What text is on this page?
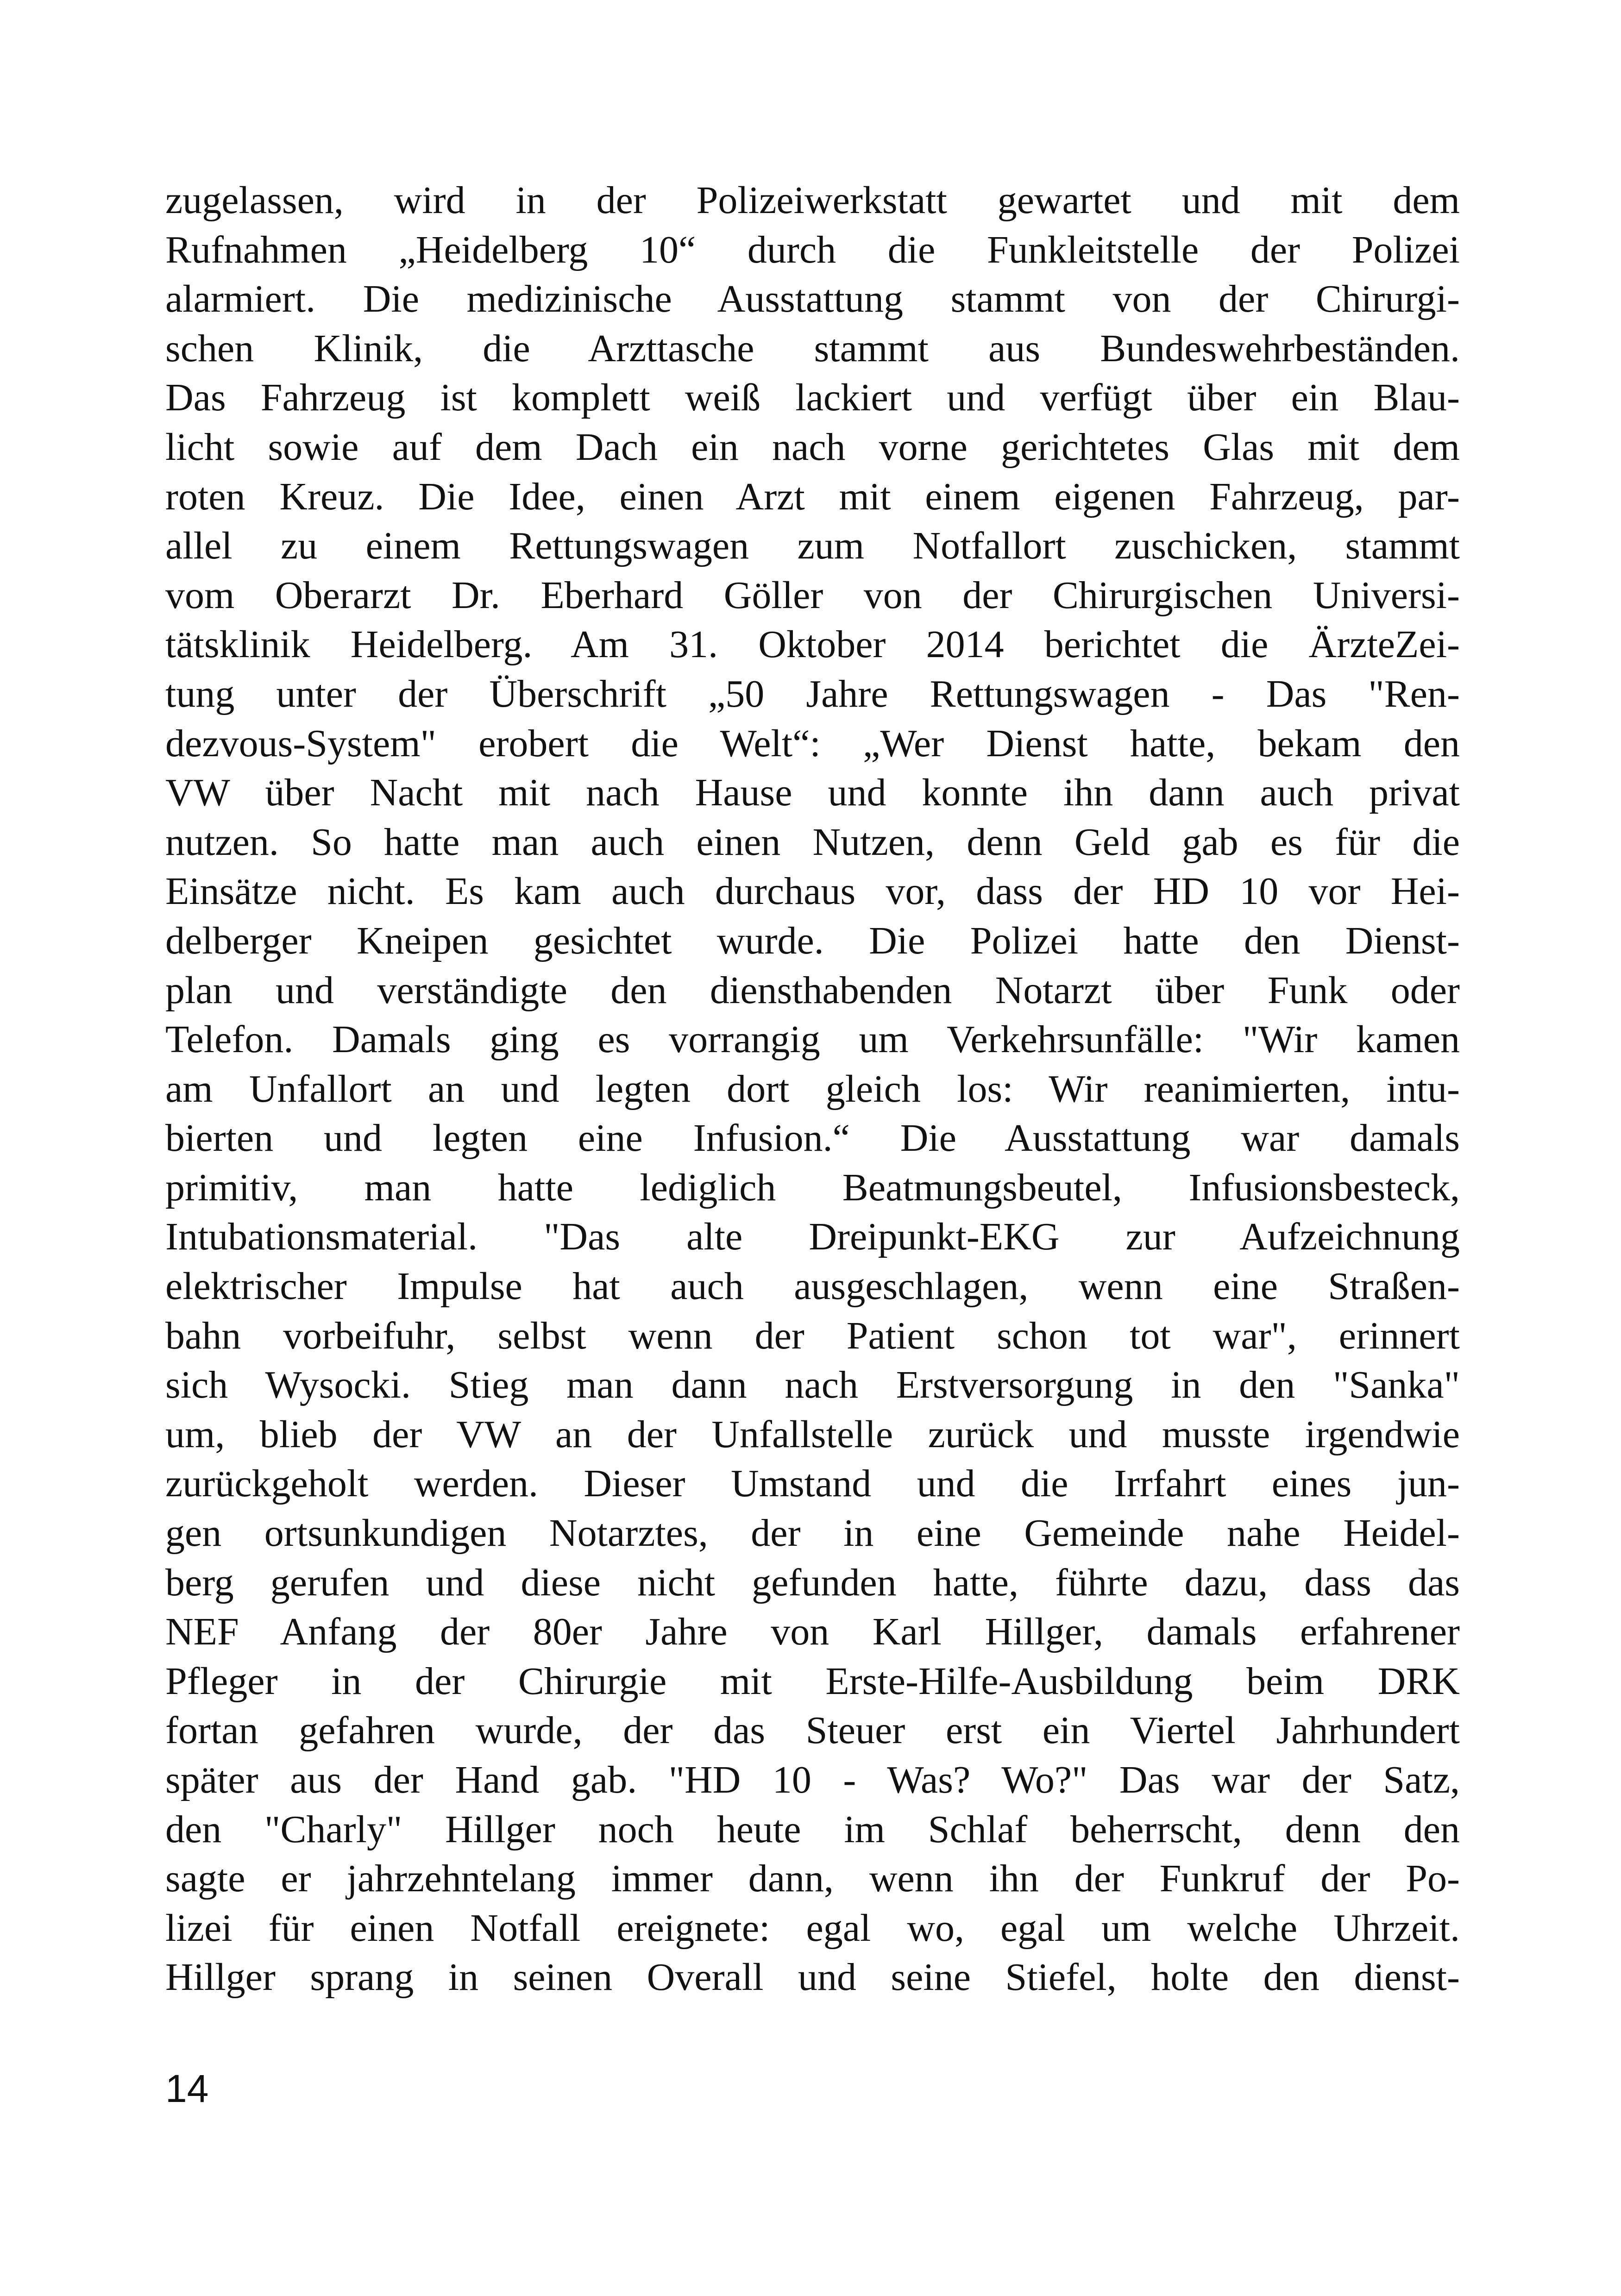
zugelassen, wird in der Polizeiwerkstatt gewartet und mit dem
Rufnahmen „Heidelberg 10“ durch die Funkleitstelle der Polizei
alarmiert. Die medizinische Ausstattung stammt von der Chirurgi-
schen Klinik, die Arzttasche stammt aus Bundeswehrbeständen.
Das Fahrzeug ist komplett weiß lackiert und verfügt über ein Blau-
licht sowie auf dem Dach ein nach vorne gerichtetes Glas mit dem
roten Kreuz. Die Idee, einen Arzt mit einem eigenen Fahrzeug, par-
allel zu einem Rettungswagen zum Notfallort zuschicken, stammt
vom Oberarzt Dr. Eberhard Göller von der Chirurgischen Universi-
tätsklinik Heidelberg. Am 31. Oktober 2014 berichtet die ÄrzteZei-
tung unter der Überschrift „50 Jahre Rettungswagen - Das "Ren-
dezvous-System" erobert die Welt“: „Wer Dienst hatte, bekam den
VW über Nacht mit nach Hause und konnte ihn dann auch privat
nutzen. So hatte man auch einen Nutzen, denn Geld gab es für die
Einsätze nicht. Es kam auch durchaus vor, dass der HD 10 vor Hei-
delberger Kneipen gesichtet wurde. Die Polizei hatte den Dienst-
plan und verständigte den diensthabenden Notarzt über Funk oder
Telefon. Damals ging es vorrangig um Verkehrsunfälle: "Wir kamen
am Unfallort an und legten dort gleich los: Wir reanimierten, intu-
bierten und legten eine Infusion.“ Die Ausstattung war damals
primitiv, man hatte lediglich Beatmungsbeutel, Infusionsbesteck,
Intubationsmaterial. "Das alte Dreipunkt-EKG zur Aufzeichnung
elektrischer Impulse hat auch ausgeschlagen, wenn eine Straßen-
bahn vorbeifuhr, selbst wenn der Patient schon tot war", erinnert
sich Wysocki. Stieg man dann nach Erstversorgung in den "Sanka"
um, blieb der VW an der Unfallstelle zurück und musste irgendwie
zurückgeholt werden. Dieser Umstand und die Irrfahrt eines jun-
gen ortsunkundigen Notarztes, der in eine Gemeinde nahe Heidel-
berg gerufen und diese nicht gefunden hatte, führte dazu, dass das
NEF Anfang der 80er Jahre von Karl Hillger, damals erfahrener
Pfleger in der Chirurgie mit Erste-Hilfe-Ausbildung beim DRK
fortan gefahren wurde, der das Steuer erst ein Viertel Jahrhundert
später aus der Hand gab. "HD 10 - Was? Wo?" Das war der Satz,
den "Charly" Hillger noch heute im Schlaf beherrscht, denn den
sagte er jahrzehntelang immer dann, wenn ihn der Funkruf der Po-
lizei für einen Notfall ereignete: egal wo, egal um welche Uhrzeit.
Hillger sprang in seinen Overall und seine Stiefel, holte den dienst-
14
